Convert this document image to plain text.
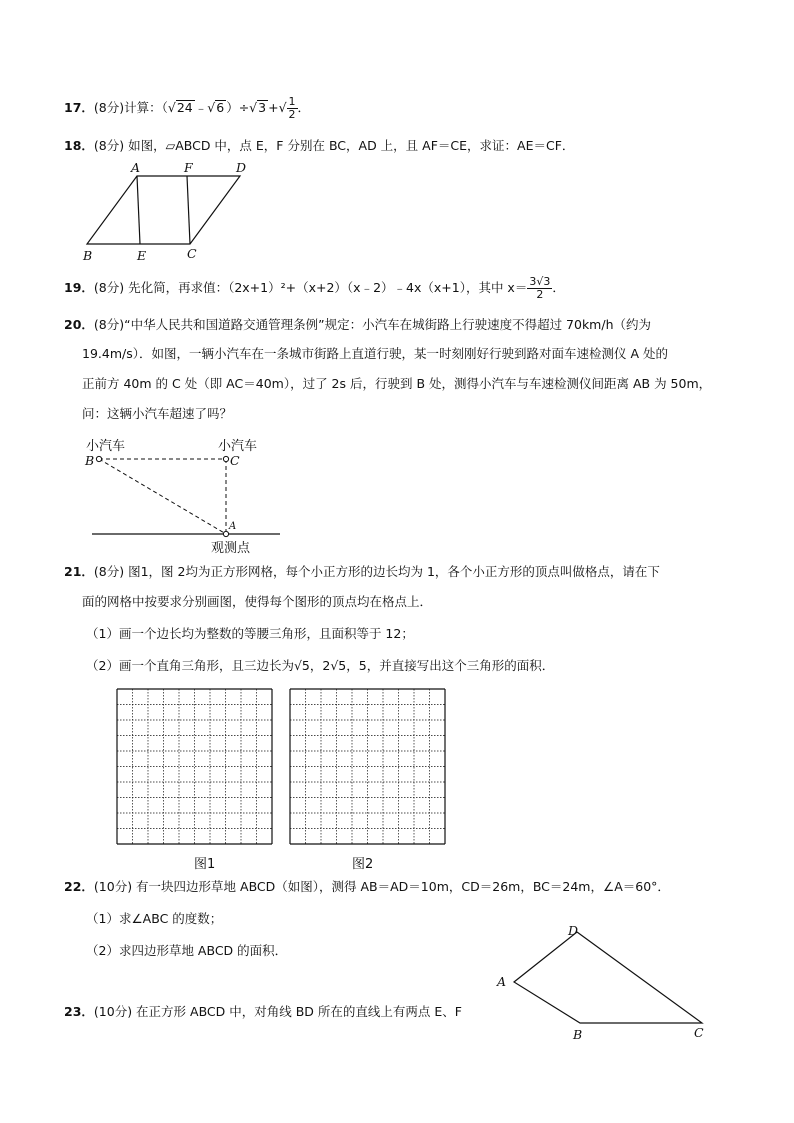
17．(8分)计算：（√24 ﹣√6 ）÷√3 +√ $\frac{1}{2}$ ．
18．(8分) 如图，▱ABCD 中，点 E，F 分别在 BC，AD 上，且 AF＝CE，求证：AE＝CF．
A	F	D
B	E	C
19．(8分) 先化简，再求值：（2x+1）²+（x+2）（x﹣2）﹣4x（x+1），其中 $x= \frac{3√3}{2}$ ．
20．(8分)“中华人民共和国道路交通管理条例”规定：小汽车在城街路上行驶速度不得超过 70km/h（约为
19.4m/s）．如图，一辆小汽车在一条城市街路上直道行驶，某一时刻刚好行驶到路对面车速检测仪 A 处的
正前方 40m 的 C 处（即 AC＝40m），过了 2s 后，行驶到 B 处，测得小汽车与车速检测仪间距离 AB 为 50m，
问：这辆小汽车超速了吗？
小汽车	小汽车
B	C
A
观测点
21．(8分) 图1，图 2均为正方形网格，每个小正方形的边长均为 1，各个小正方形的顶点叫做格点，请在下
面的网格中按要求分别画图，使得每个图形的顶点均在格点上．
（1）画一个边长均为整数的等腰三角形，且面积等于 12；
（2）画一个直角三角形，且三边长为√5，2√5，5，并直接写出这个三角形的面积．
图1	图2
22．(10分) 有一块四边形草地 ABCD（如图），测得 AB＝AD＝10m，CD＝26m，BC＝24m，∠A＝60°．
（1）求∠ABC 的度数；
（2）求四边形草地 ABCD 的面积．
D
A
B	C
23．(10分) 在正方形 ABCD 中，对角线 BD 所在的直线上有两点 E、F
